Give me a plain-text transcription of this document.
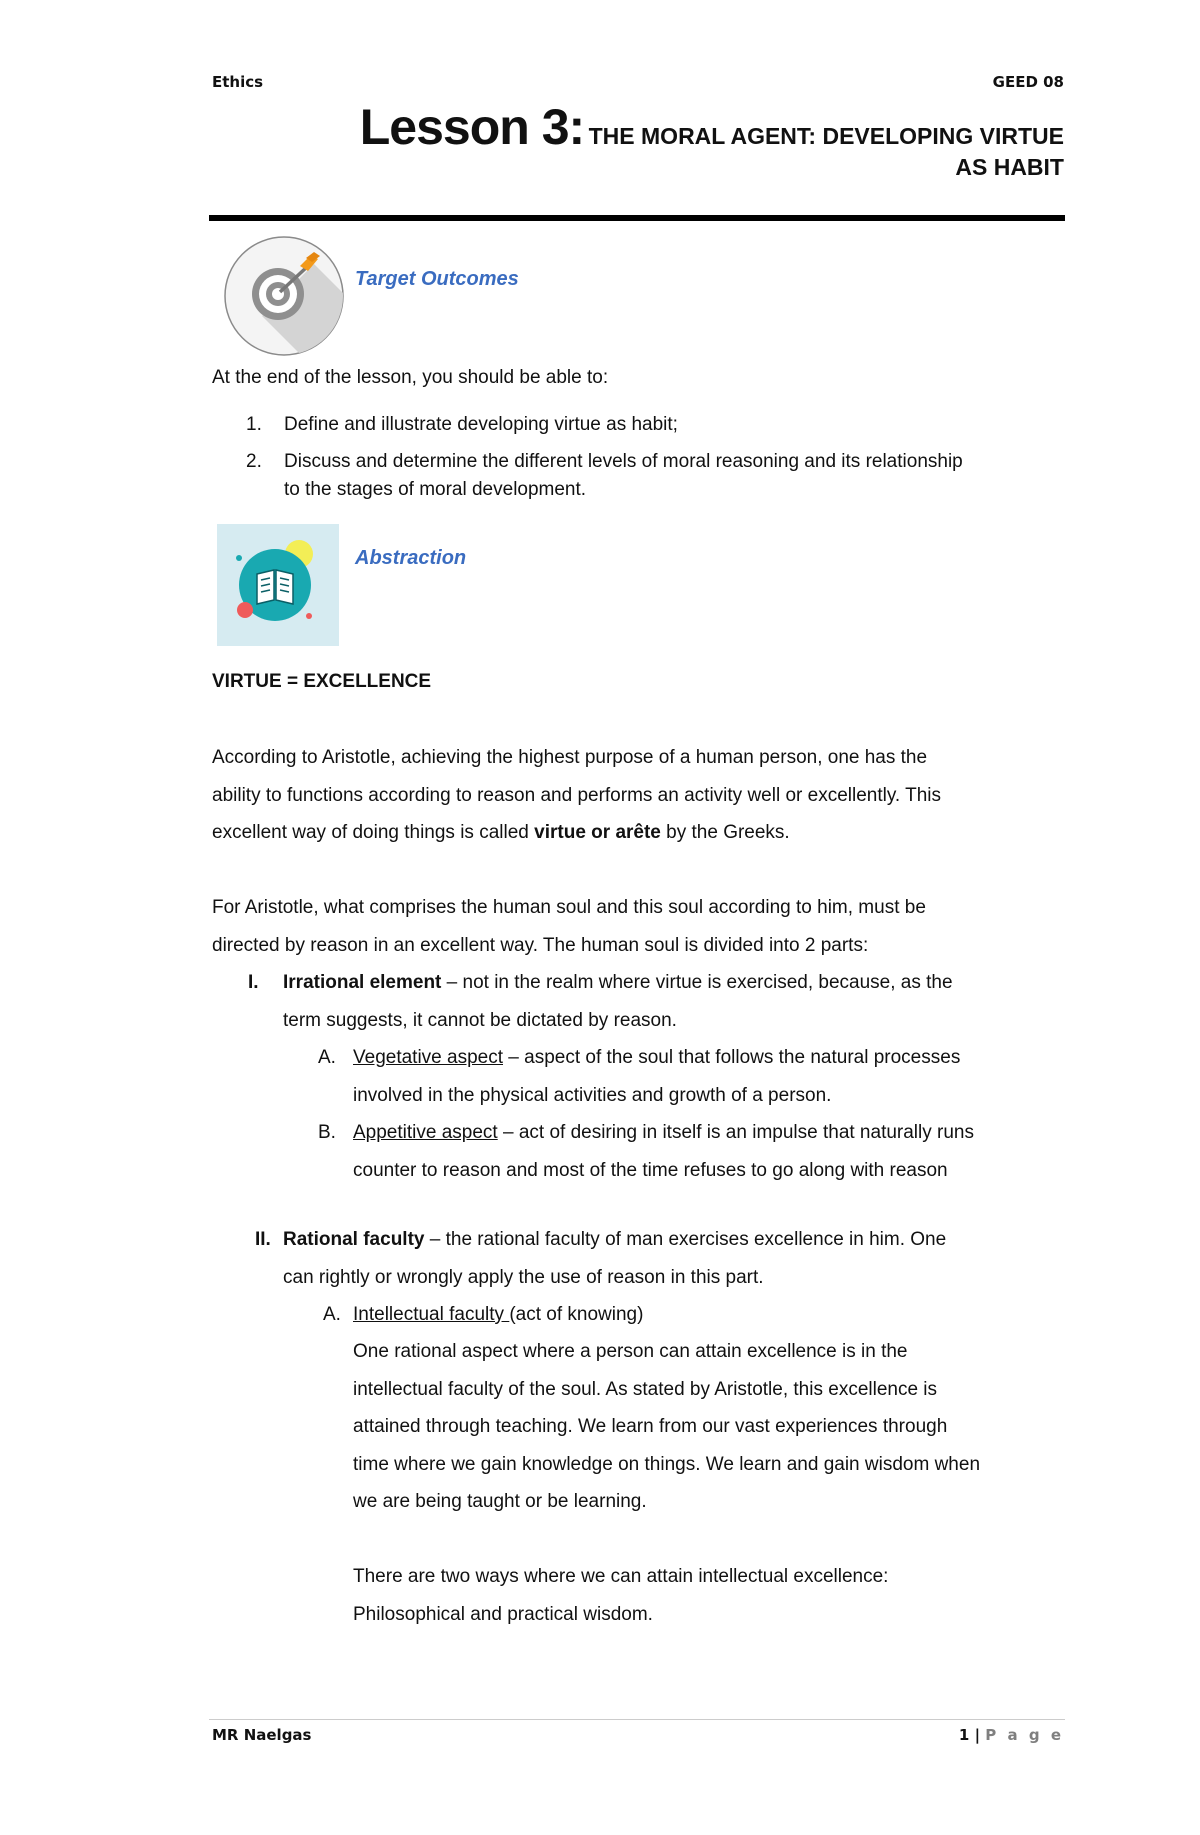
Ethics	GEED 08
Lesson 3: THE MORAL AGENT: DEVELOPING VIRTUE
AS HABIT
Target Outcomes
At the end of the lesson, you should be able to:
1. Define and illustrate developing virtue as habit;
2. Discuss and determine the different levels of moral reasoning and its relationship
to the stages of moral development.
Abstraction
VIRTUE = EXCELLENCE
According to Aristotle, achieving the highest purpose of a human person, one has the
ability to functions according to reason and performs an activity well or excellently. This
excellent way of doing things is called virtue or arête by the Greeks.
For Aristotle, what comprises the human soul and this soul according to him, must be
directed by reason in an excellent way. The human soul is divided into 2 parts:
I. Irrational element – not in the realm where virtue is exercised, because, as the
term suggests, it cannot be dictated by reason.
A. Vegetative aspect – aspect of the soul that follows the natural processes
involved in the physical activities and growth of a person.
B. Appetitive aspect – act of desiring in itself is an impulse that naturally runs
counter to reason and most of the time refuses to go along with reason
II. Rational faculty – the rational faculty of man exercises excellence in him. One
can rightly or wrongly apply the use of reason in this part.
A. Intellectual faculty (act of knowing)
One rational aspect where a person can attain excellence is in the
intellectual faculty of the soul. As stated by Aristotle, this excellence is
attained through teaching. We learn from our vast experiences through
time where we gain knowledge on things. We learn and gain wisdom when
we are being taught or be learning.
There are two ways where we can attain intellectual excellence:
Philosophical and practical wisdom.
MR Naelgas	1 | P a g e
